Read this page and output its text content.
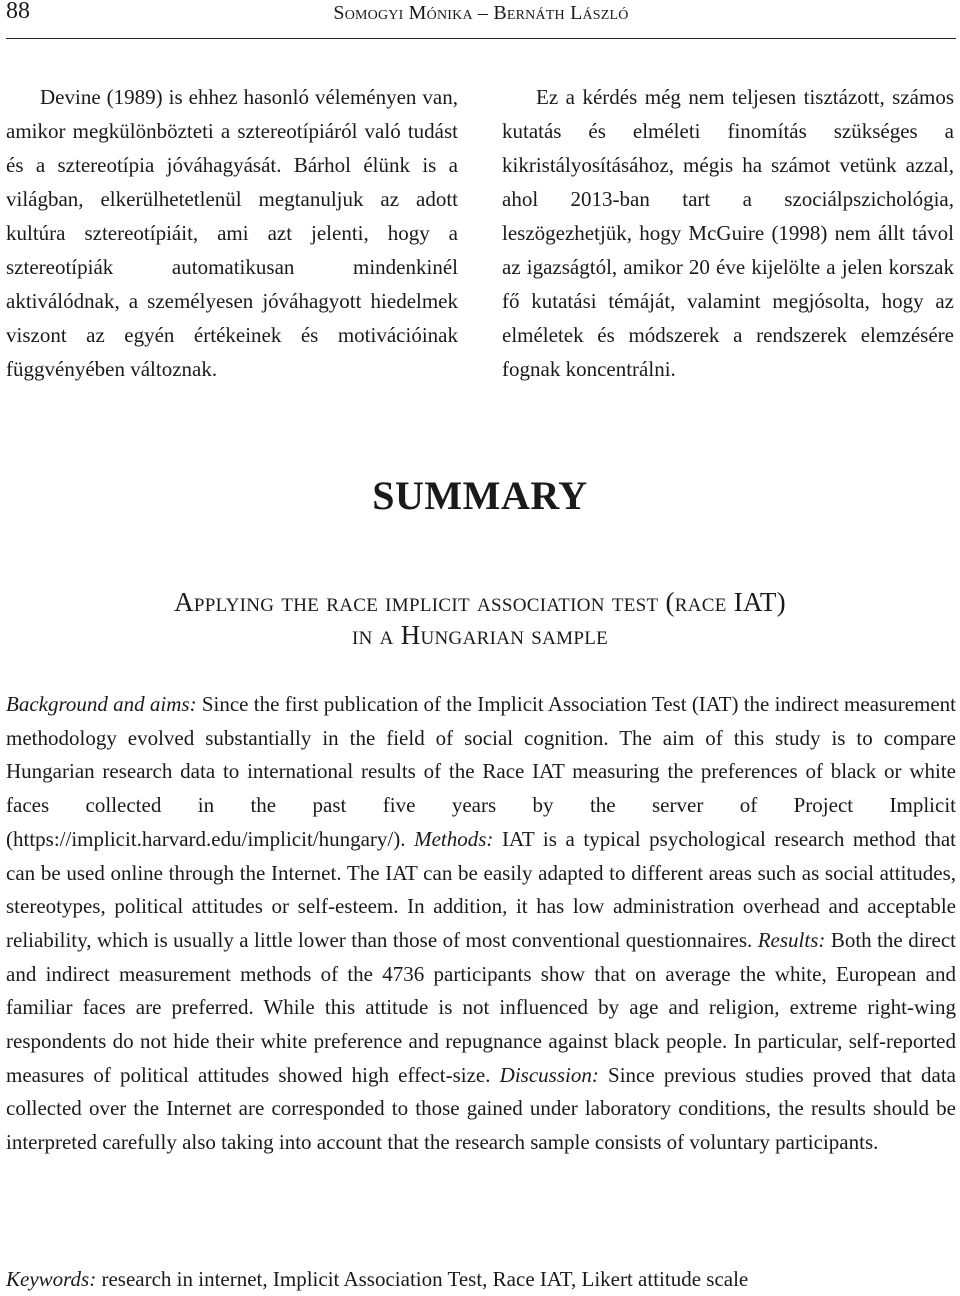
88	Somogyi Mónika – Bernáth László

Devine (1989) is ehhez hasonló véleményen van, amikor megkülönbözteti a sztereotípiáról való tudást és a sztereotípia jóváhagyását. Bárhol élünk is a világban, elkerülhetetlenül megtanuljuk az adott kultúra sztereotípiáit, ami azt jelenti, hogy a sztereotípiák automatikusan mindenkinél aktiválódnak, a személyesen jóváhagyott hiedelmek viszont az egyén értékeinek és motivációinak függvényében változnak.

Ez a kérdés még nem teljesen tisztázott, számos kutatás és elméleti finomítás szükséges a kikristályosításához, mégis ha számot vetünk azzal, ahol 2013-ban tart a szociálpszichológia, leszögezhetjük, hogy McGuire (1998) nem állt távol az igazságtól, amikor 20 éve kijelölte a jelen korszak fő kutatási témáját, valamint megjósolta, hogy az elméletek és módszerek a rendszerek elemzésére fognak koncentrálni.

SUMMARY
Applying the race implicit association test (race IAT)
in a Hungarian sample

Background and aims: Since the first publication of the Implicit Association Test (IAT) the indirect measurement methodology evolved substantially in the field of social cognition. The aim of this study is to compare Hungarian research data to international results of the Race IAT measuring the preferences of black or white faces collected in the past five years by the server of Project Implicit (https://implicit.harvard.edu/implicit/hungary/). Methods: IAT is a typical psychological research method that can be used online through the Internet. The IAT can be easily adapted to different areas such as social attitudes, stereotypes, political attitudes or self-esteem. In addition, it has low administration overhead and acceptable reliability, which is usually a little lower than those of most conventional questionnaires. Results: Both the direct and indirect measurement methods of the 4736 participants show that on average the white, European and familiar faces are preferred. While this attitude is not influenced by age and religion, extreme right-wing respondents do not hide their white preference and repugnance against black people. In particular, self-reported measures of political attitudes showed high effect-size. Discussion: Since previous studies proved that data collected over the Internet are corresponded to those gained under laboratory conditions, the results should be interpreted carefully also taking into account that the research sample consists of voluntary participants.

Keywords: research in internet, Implicit Association Test, Race IAT, Likert attitude scale
